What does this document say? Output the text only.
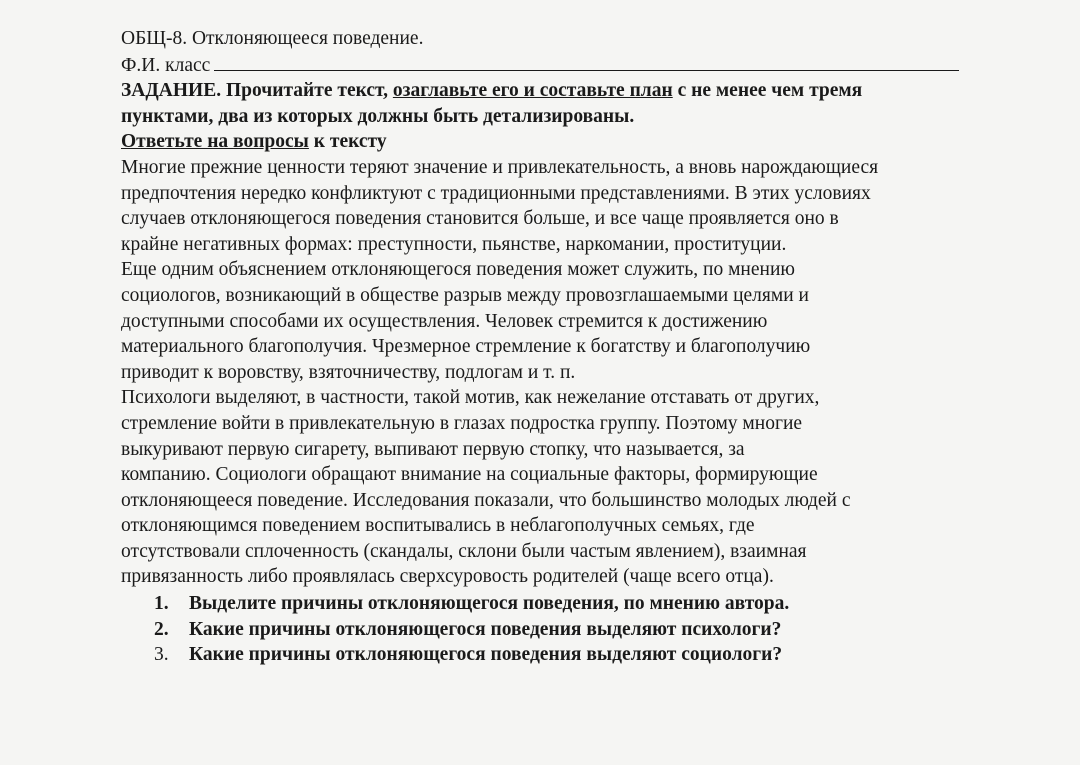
ОБЩ-8. Отклоняющееся поведение.
Ф.И. класс
ЗАДАНИЕ. Прочитайте текст, озаглавьте его и составьте план с не менее чем тремя
пунктами, два из которых должны быть детализированы.
Ответьте на вопросы к тексту
Многие прежние ценности теряют значение и привлекательность, а вновь нарождающиеся
предпочтения нередко конфликтуют с традиционными представлениями. В этих условиях
случаев отклоняющегося поведения становится больше, и все чаще проявляется оно в
крайне негативных формах: преступности, пьянстве, наркомании, проституции.
Еще одним объяснением отклоняющегося поведения может служить, по мнению
социологов, возникающий в обществе разрыв между провозглашаемыми целями и
доступными способами их осуществления. Человек стремится к достижению
материального благополучия. Чрезмерное стремление к богатству и благополучию
приводит к воровству, взяточничеству, подлогам и т. п.
Психологи выделяют, в частности, такой мотив, как нежелание отставать от других,
стремление войти в привлекательную в глазах подростка группу. Поэтому многие
выкуривают первую сигарету, выпивают первую стопку, что называется, за
компанию. Социологи обращают внимание на социальные факторы, формирующие
отклоняющееся поведение. Исследования показали, что большинство молодых людей с
отклоняющимся поведением воспитывались в неблагополучных семьях, где
отсутствовали сплоченность (скандалы, склони были частым явлением), взаимная
привязанность либо проявлялась сверхсуровость родителей (чаще всего отца).
1. Выделите причины отклоняющегося поведения, по мнению автора.
2. Какие причины отклоняющегося поведения выделяют психологи?
3. Какие причины отклоняющегося поведения выделяют социологи?
